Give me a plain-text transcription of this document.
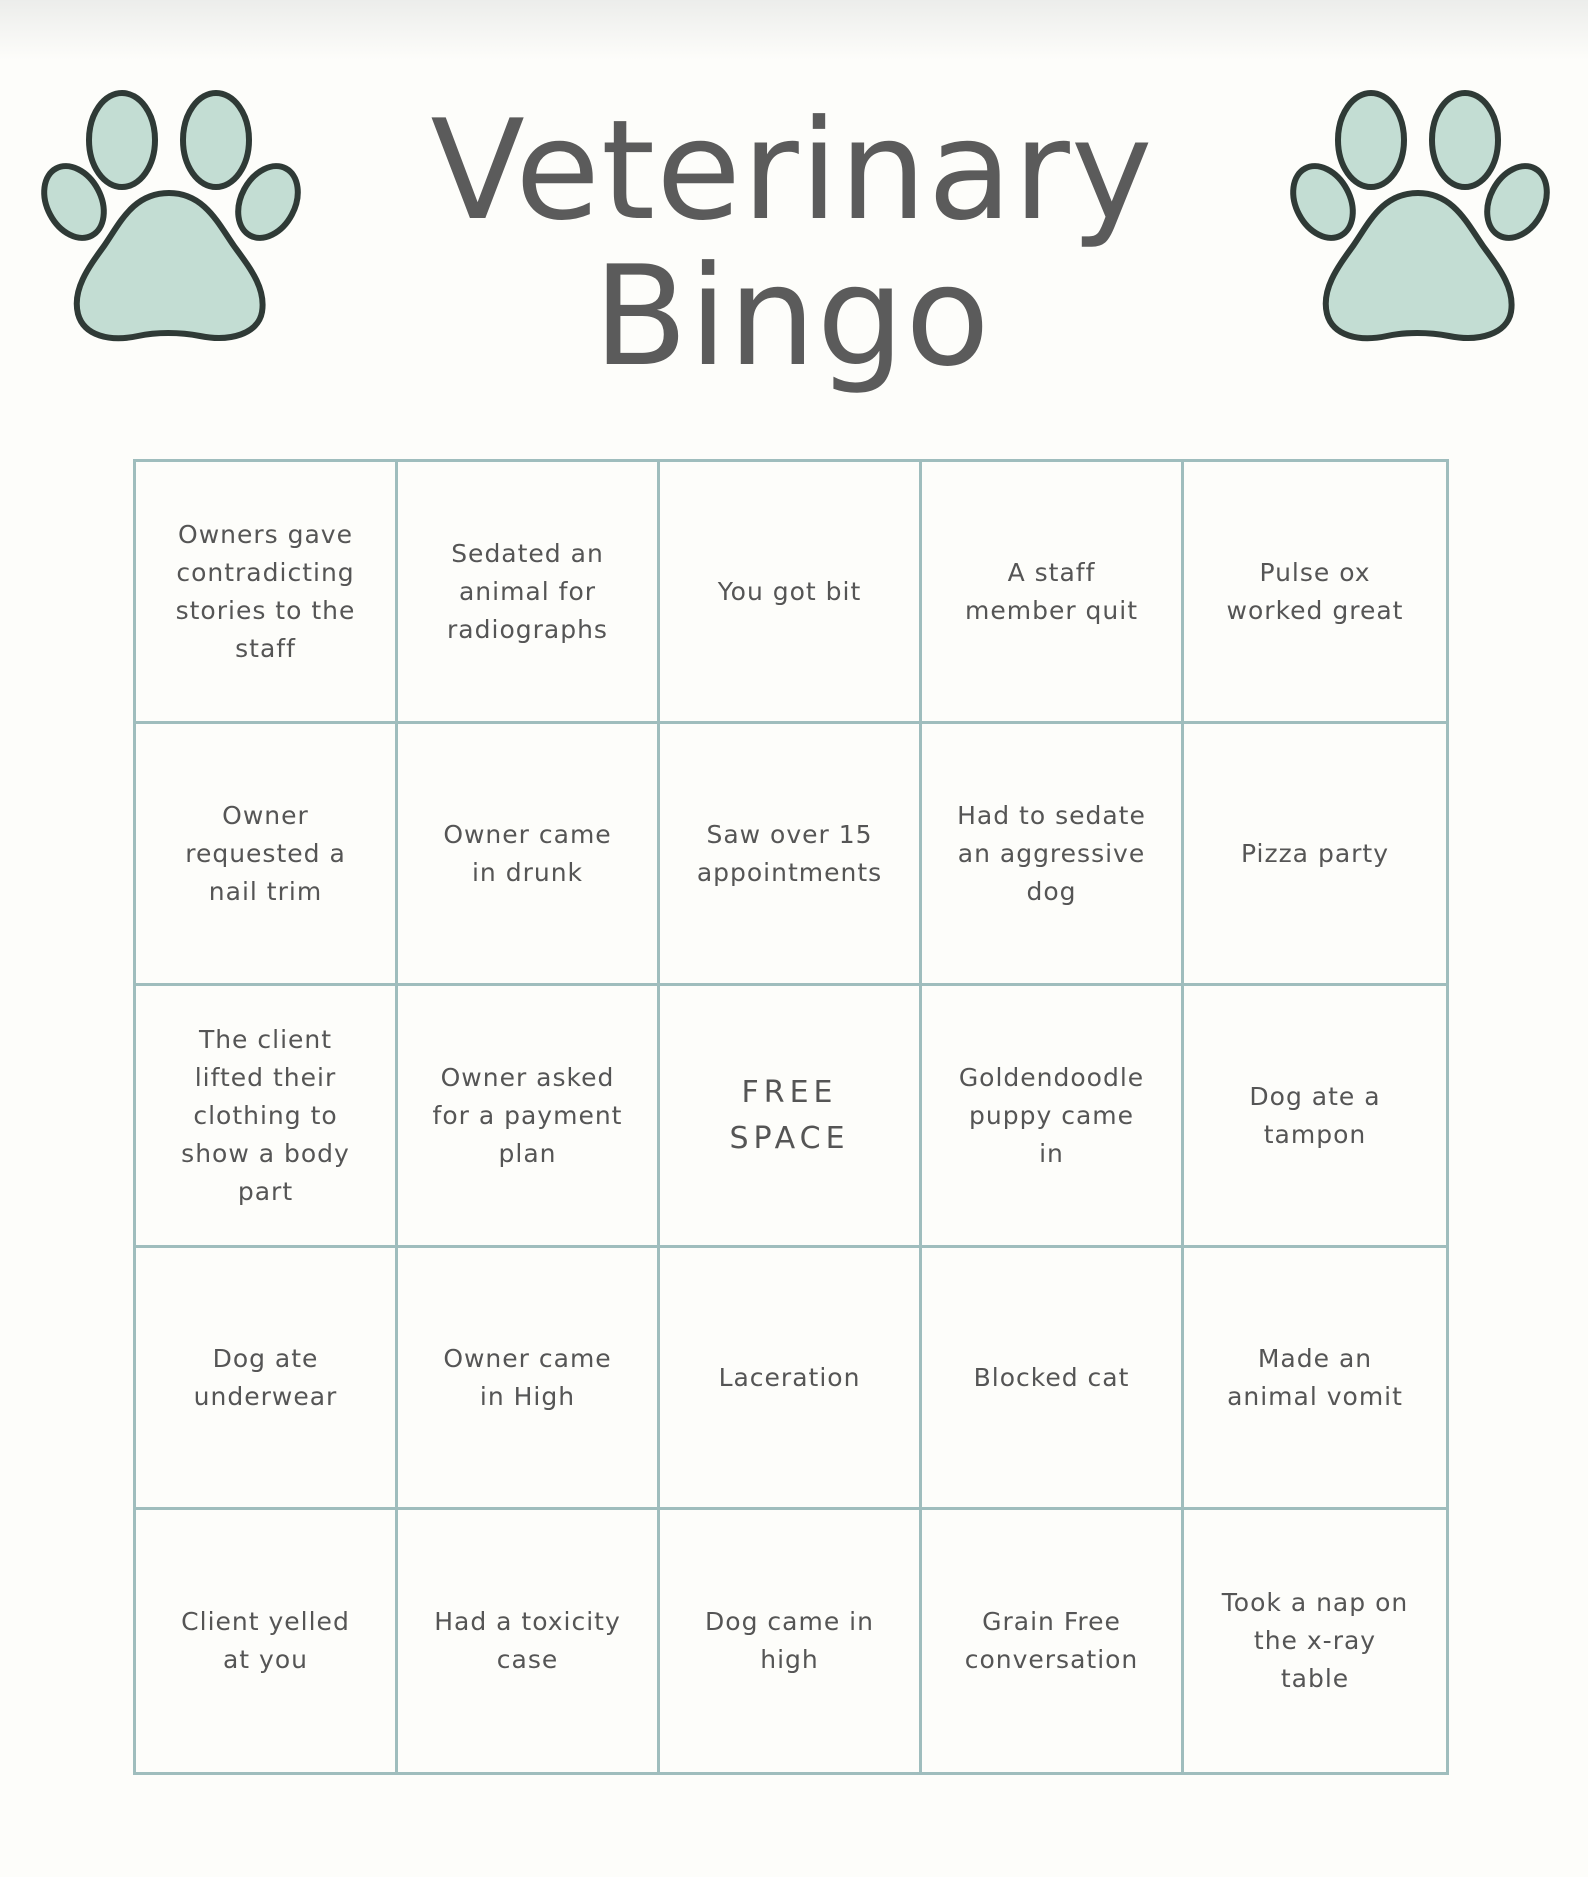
Veterinary
Bingo
Owners gave contradicting stories to the staff
Sedated an animal for radiographs
You got bit
A staff member quit
Pulse ox worked great
Owner requested a nail trim
Owner came in drunk
Saw over 15 appointments
Had to sedate an aggressive dog
Pizza party
The client lifted their clothing to show a body part
Owner asked for a payment plan
FREE SPACE
Goldendoodle puppy came in
Dog ate a tampon
Dog ate underwear
Owner came in High
Laceration	Blocked cat
Made an animal vomit
Client yelled at you
Had a toxicity case
Dog came in high
Grain Free conversation
Took a nap on the x-ray table
